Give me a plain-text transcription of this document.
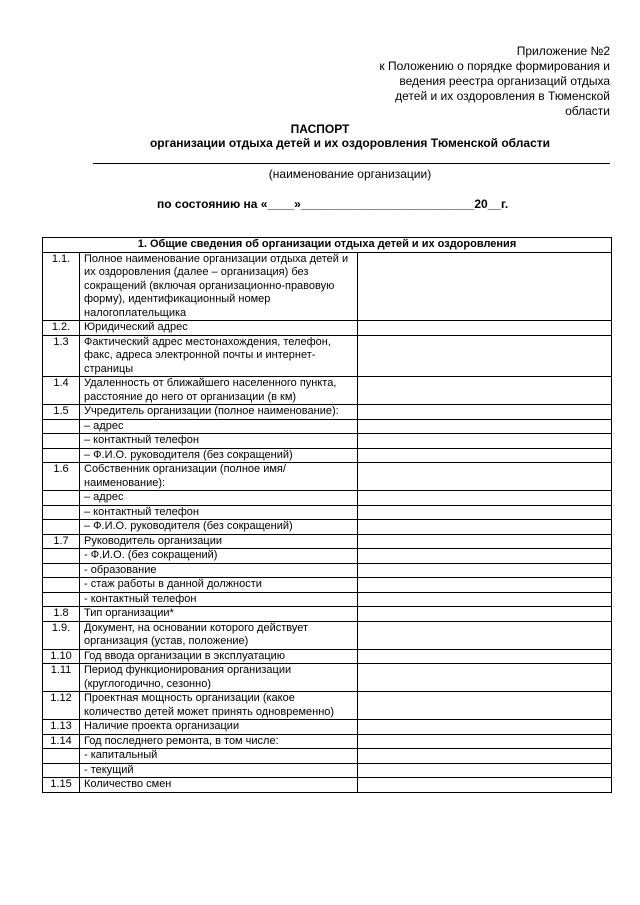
Приложение №2
к Положению о порядке формирования и
ведения реестра организаций отдыха
детей и их оздоровления в Тюменской
области
ПАСПОРТ
организации отдыха детей и их оздоровления Тюменской области
(наименование организации)
по состоянию на «____»__________________________20__г.
1. Общие сведения об организации отдыха детей и их оздоровления		
1.1.	Полное наименование организации отдыха детей и их оздоровления (далее – организация) без сокращений (включая организационно-правовую форму), идентификационный номер налогоплательщика	
1.2.	Юридический адрес	
1.3	Фактический адрес местонахождения, телефон, факс, адреса электронной почты и интернет-страницы	
1.4	Удаленность от ближайшего населенного пункта, расстояние до него от организации (в км)	
1.5	Учредитель организации (полное наименование):	
	– адрес	
	– контактный телефон	
	– Ф.И.О. руководителя (без сокращений)	
1.6	Собственник организации (полное имя/наименование):	
	– адрес	
	– контактный телефон	
	– Ф.И.О. руководителя (без сокращений)	
1.7	Руководитель организации	
	- Ф.И.О. (без сокращений)	
	- образование	
	- стаж работы в данной должности	
	- контактный телефон	
1.8	Тип организации*	
1.9.	Документ, на основании которого действует организация (устав, положение)	
1.10	Год ввода организации в эксплуатацию	
1.11	Период функционирования организации (круглогодично, сезонно)	
1.12	Проектная мощность организации (какое количество детей может принять одновременно)	
1.13	Наличие проекта организации	
1.14	Год последнего ремонта, в том числе:	
	- капитальный	
	- текущий	
1.15	Количество смен	
